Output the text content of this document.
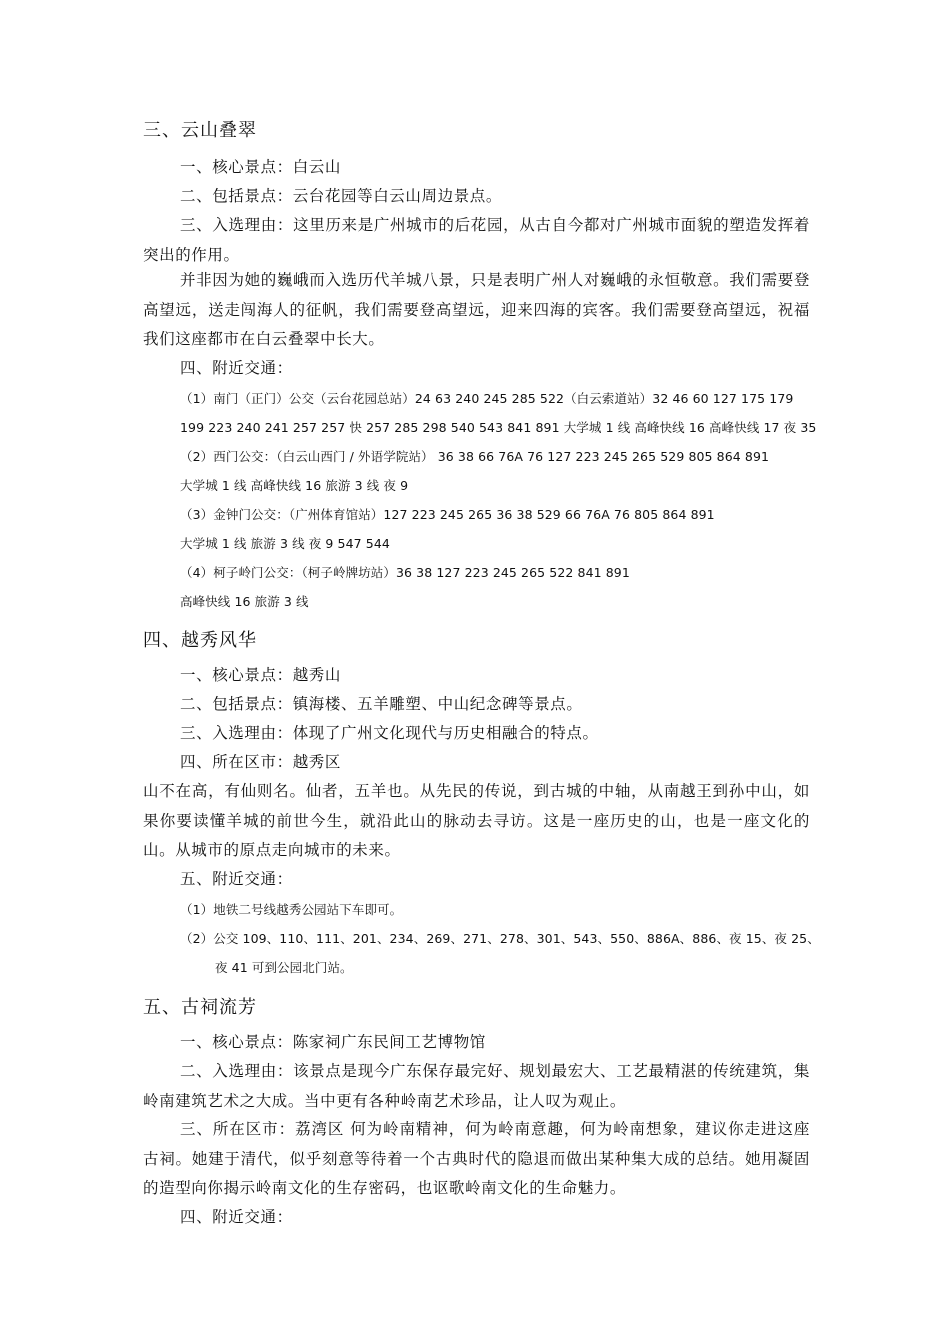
三、云山叠翠
一、核心景点：白云山
二、包括景点：云台花园等白云山周边景点。
三、入选理由：这里历来是广州城市的后花园，从古自今都对广州城市面貌的塑造发挥着突出的作用。
并非因为她的巍峨而入选历代羊城八景，只是表明广州人对巍峨的永恒敬意。我们需要登高望远，送走闯海人的征帆，我们需要登高望远，迎来四海的宾客。我们需要登高望远，祝福我们这座都市在白云叠翠中长大。
四、附近交通：
（1）南门（正门）公交（云台花园总站）24 63 240 245 285 522（白云索道站）32 46 60 127 175 179
199 223 240 241 257 257 快 257 285 298 540 543 841 891 大学城 1 线 高峰快线 16 高峰快线 17 夜 35
（2）西门公交：（白云山西门 / 外语学院站） 36 38 66 76A 76 127 223 245 265 529 805 864 891
大学城 1 线 高峰快线 16 旅游 3 线 夜 9
（3）金钟门公交：（广州体育馆站）127 223 245 265 36 38 529 66 76A 76 805 864 891
大学城 1 线 旅游 3 线 夜 9 547 544
（4）柯子岭门公交：（柯子岭牌坊站）36 38 127 223 245 265 522 841 891
高峰快线 16 旅游 3 线
四、越秀风华
一、核心景点：越秀山
二、包括景点：镇海楼、五羊雕塑、中山纪念碑等景点。
三、入选理由：体现了广州文化现代与历史相融合的特点。
四、所在区市：越秀区
山不在高，有仙则名。仙者，五羊也。从先民的传说，到古城的中轴，从南越王到孙中山，如果你要读懂羊城的前世今生，就沿此山的脉动去寻访。这是一座历史的山，也是一座文化的山。从城市的原点走向城市的未来。
五、附近交通：
（1）地铁二号线越秀公园站下车即可。
（2）公交 109、110、111、201、234、269、271、278、301、543、550、886A、886、夜 15、夜 25、
夜 41 可到公园北门站。
五、古祠流芳
一、核心景点：陈家祠广东民间工艺博物馆
二、入选理由：该景点是现今广东保存最完好、规划最宏大、工艺最精湛的传统建筑，集岭南建筑艺术之大成。当中更有各种岭南艺术珍品，让人叹为观止。
三、所在区市：荔湾区 何为岭南精神，何为岭南意趣，何为岭南想象，建议你走进这座古祠。她建于清代，似乎刻意等待着一个古典时代的隐退而做出某种集大成的总结。她用凝固的造型向你揭示岭南文化的生存密码，也讴歌岭南文化的生命魅力。
四、附近交通：
